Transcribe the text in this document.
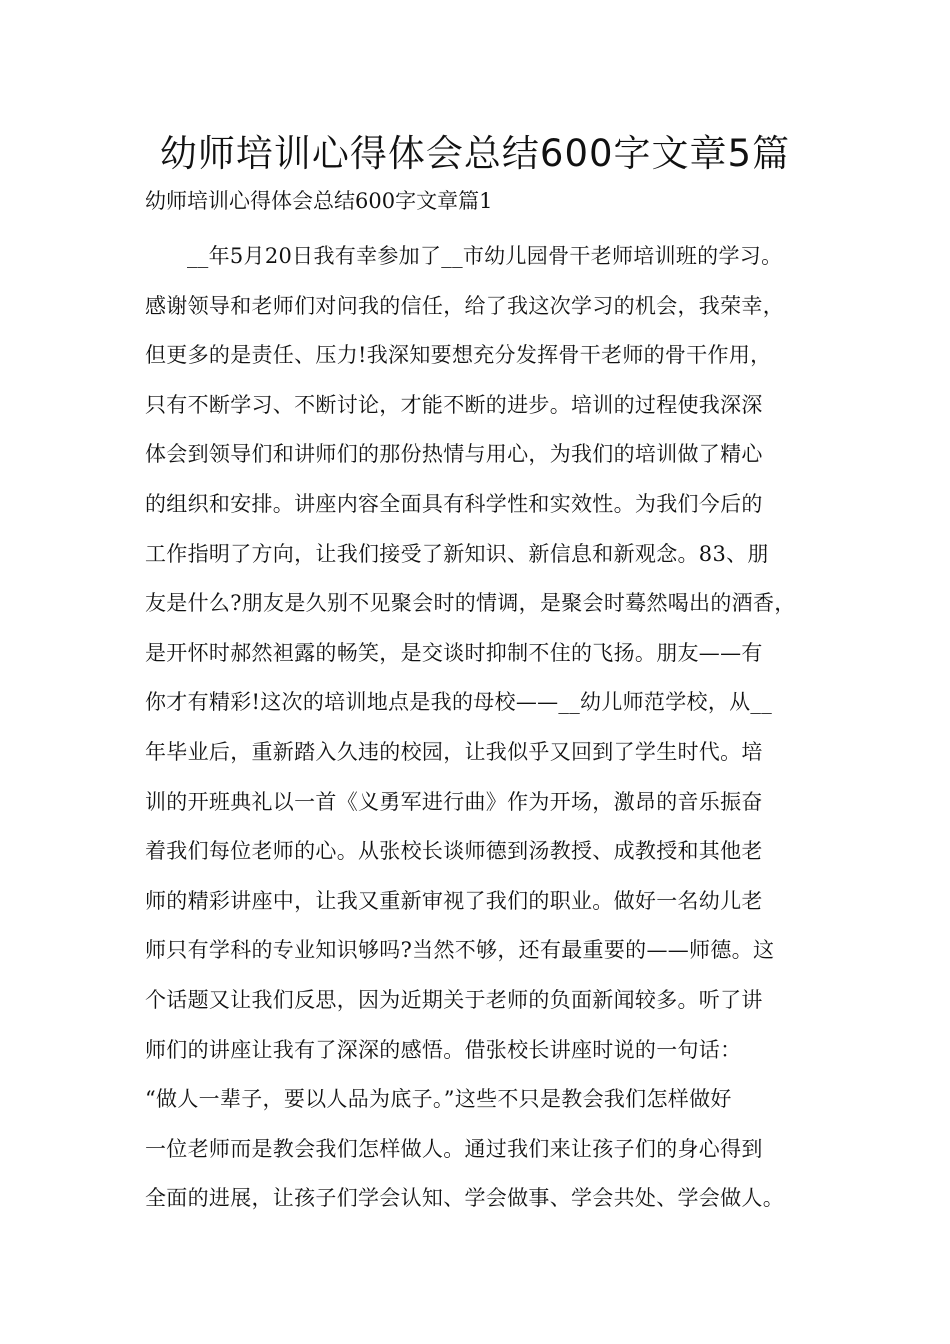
幼师培训心得体会总结600字文章5篇
幼师培训心得体会总结600字文章篇1
__年5月20日我有幸参加了__市幼儿园骨干老师培训班的学习。
感谢领导和老师们对问我的信任，给了我这次学习的机会，我荣幸，
但更多的是责任、压力!我深知要想充分发挥骨干老师的骨干作用，
只有不断学习、不断讨论，才能不断的进步。培训的过程使我深深
体会到领导们和讲师们的那份热情与用心，为我们的培训做了精心
的组织和安排。讲座内容全面具有科学性和实效性。为我们今后的
工作指明了方向，让我们接受了新知识、新信息和新观念。83、朋
友是什么?朋友是久别不见聚会时的情调，是聚会时蓦然喝出的酒香，
是开怀时郝然袒露的畅笑，是交谈时抑制不住的飞扬。朋友——有
你才有精彩!这次的培训地点是我的母校——__幼儿师范学校，从__
年毕业后，重新踏入久违的校园，让我似乎又回到了学生时代。培
训的开班典礼以一首《义勇军进行曲》作为开场，激昂的音乐振奋
着我们每位老师的心。从张校长谈师德到汤教授、成教授和其他老
师的精彩讲座中，让我又重新审视了我们的职业。做好一名幼儿老
师只有学科的专业知识够吗?当然不够，还有最重要的——师德。这
个话题又让我们反思，因为近期关于老师的负面新闻较多。听了讲
师们的讲座让我有了深深的感悟。借张校长讲座时说的一句话：
“做人一辈子，要以人品为底子。”这些不只是教会我们怎样做好
一位老师而是教会我们怎样做人。通过我们来让孩子们的身心得到
全面的进展，让孩子们学会认知、学会做事、学会共处、学会做人。
